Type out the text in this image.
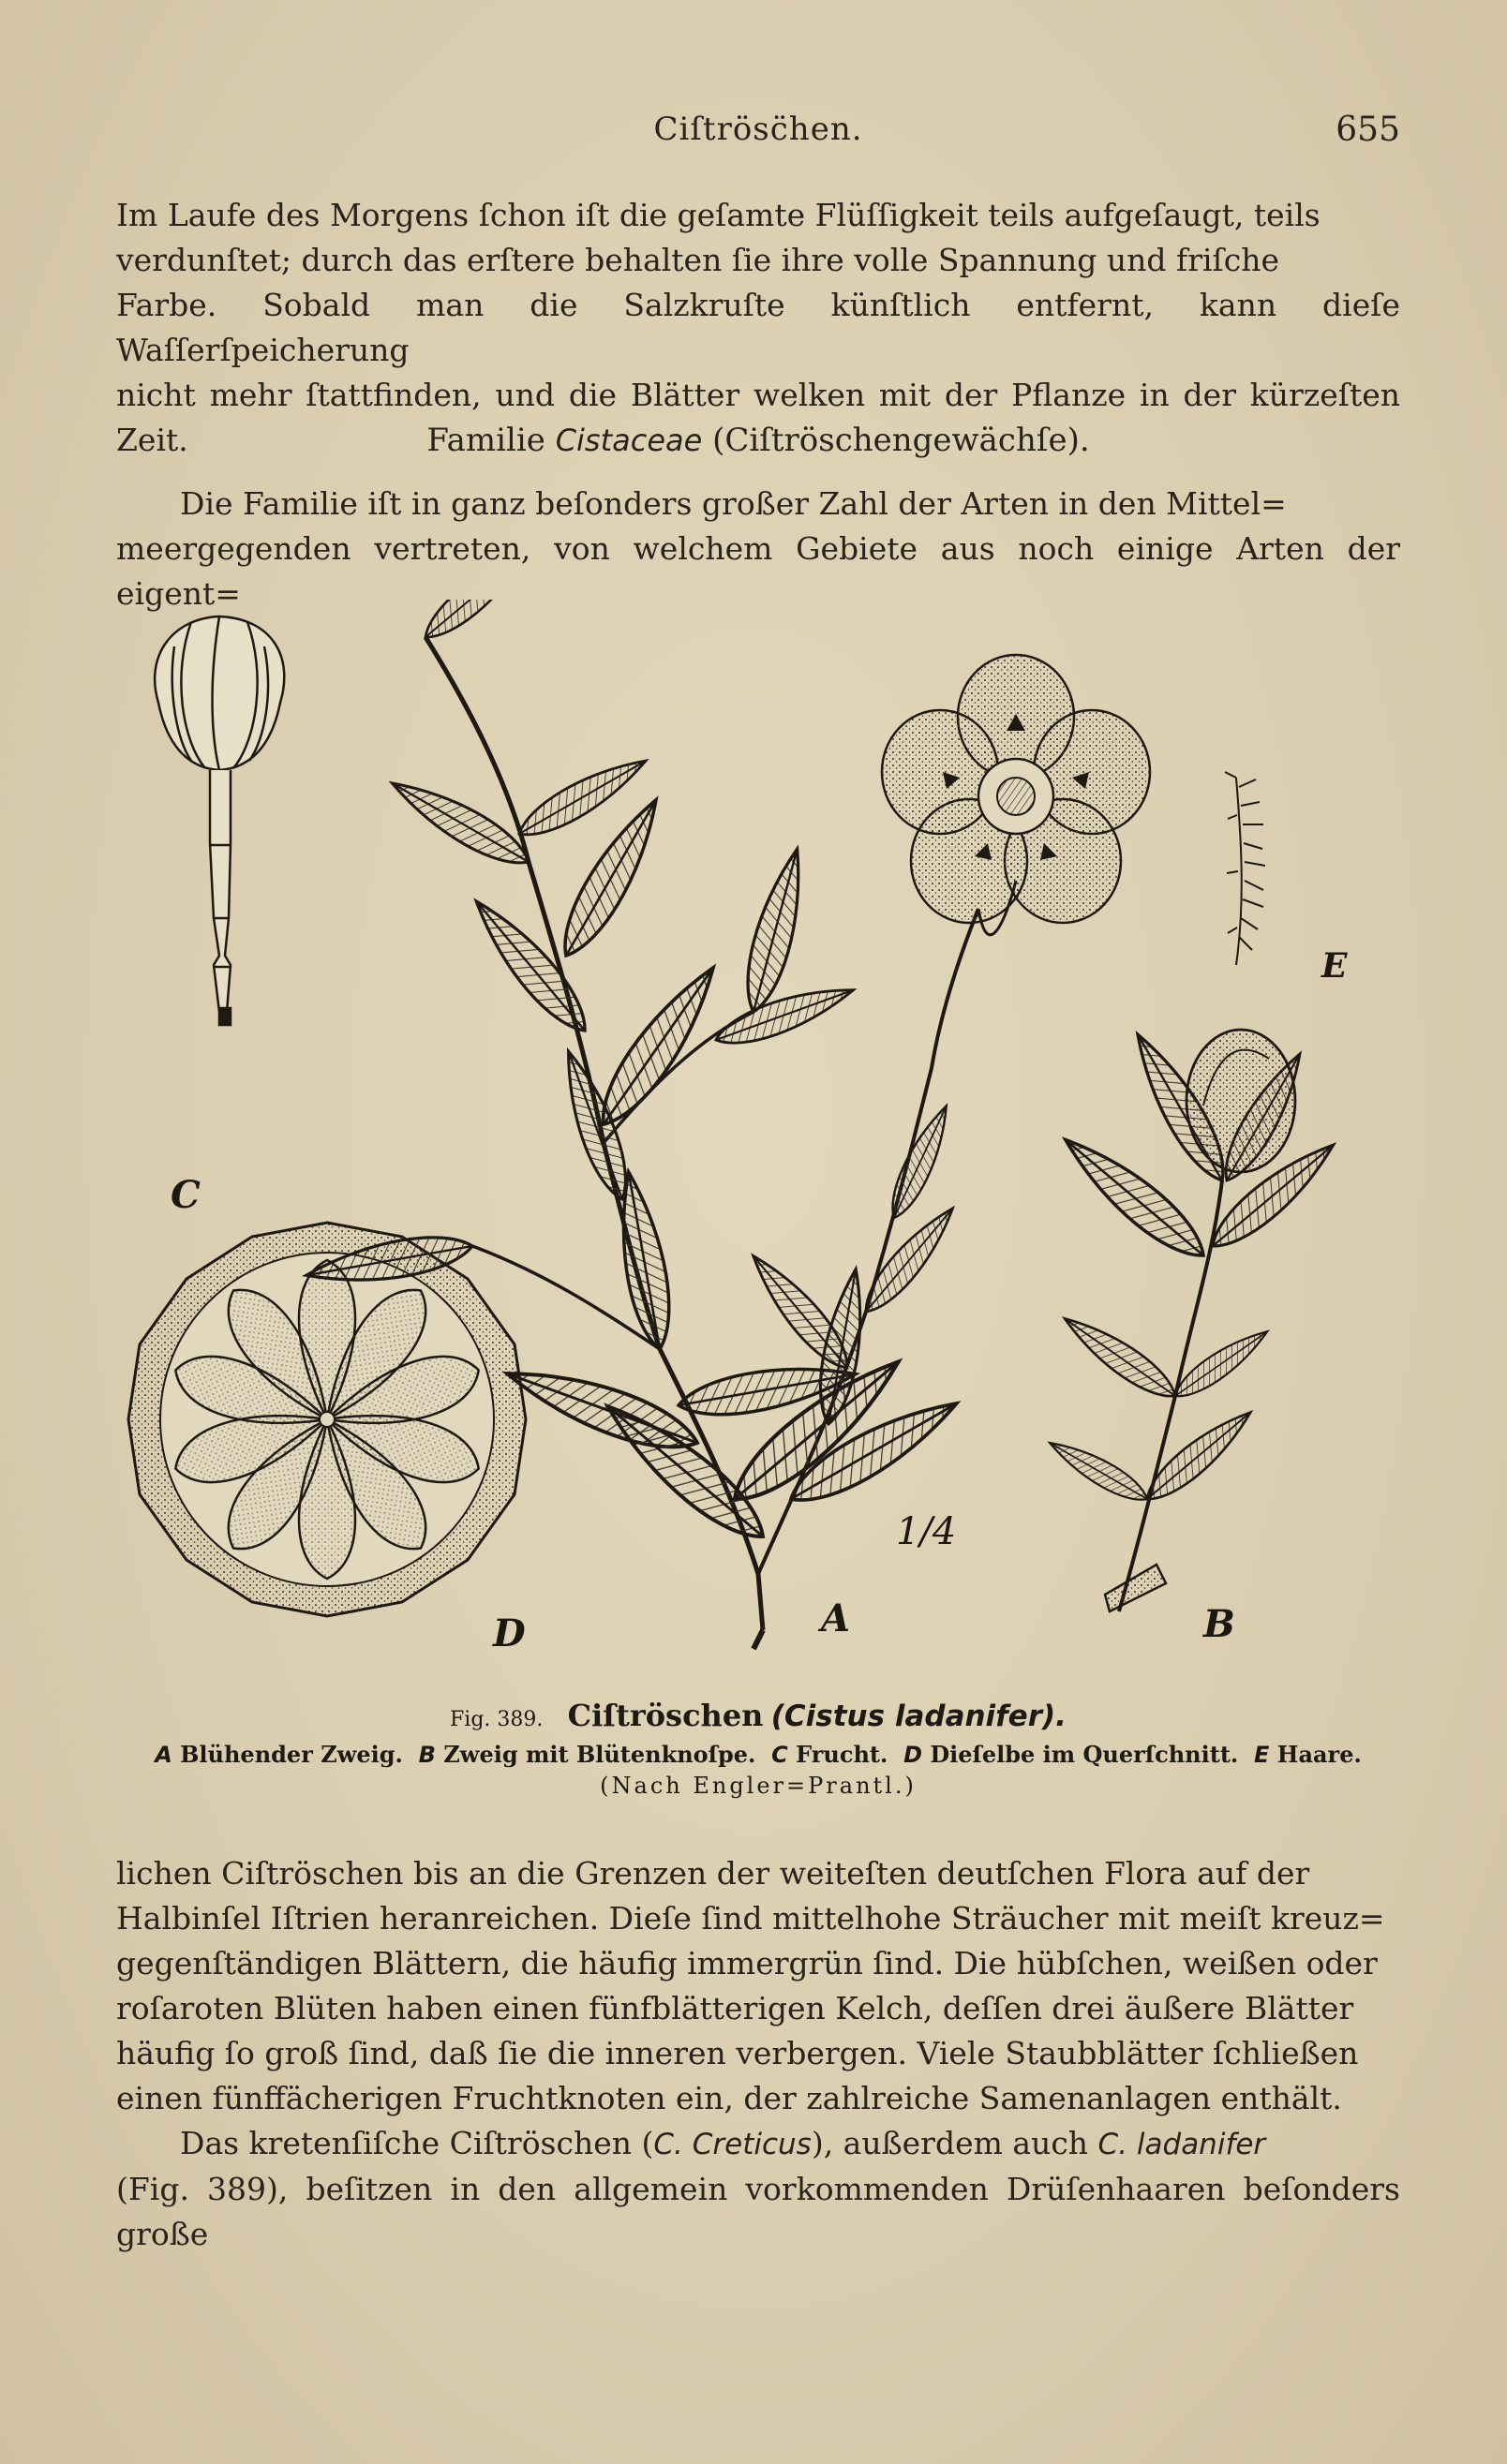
Ciſtrösc̈hen.	655

Im Laufe des Morgens ſchon iſt die geſamte Flüſſigkeit teils aufgeſaugt, teils

verdunſtet; durch das erſtere behalten ſie ihre volle Spannung und friſche

Farbe. Sobald man die Salzkruſte künſtlich entfernt, kann dieſe Waſſerſpeicherung

nicht mehr ſtattfinden, und die Blätter welken mit der Pflanze in der kürzeſten Zeit.	Familie Cistaceae (Ciſtröschengewächſe).

Die Familie iſt in ganz beſonders großer Zahl der Arten in den Mittel=

meergegenden vertreten, von welchem Gebiete aus noch einige Arten der eigent=

C
D	A
1/4
B
E
Fig. 389. Ciſtröschen (Cistus ladanifer).
A Blühender Zweig. B Zweig mit Blütenknoſpe. C Frucht. D Dieſelbe im Querſchnitt. E Haare.
(Nach Engler=Prantl.)

lichen Ciſtröschen bis an die Grenzen der weiteſten deutſchen Flora auf der

Halbinſel Iſtrien heranreichen. Dieſe ſind mittelhohe Sträucher mit meiſt kreuz=

gegenſtändigen Blättern, die häufig immergrün ſind. Die hübſchen, weißen oder

roſaroten Blüten haben einen fünfblätterigen Kelch, deſſen drei äußere Blätter

häufig ſo groß ſind, daß ſie die inneren verbergen. Viele Staubblätter ſchließen

einen fünffächerigen Fruchtknoten ein, der zahlreiche Samenanlagen enthält.

Das kretenſiſche Ciſtröschen (C. Creticus), außerdem auch C. ladanifer

(Fig. 389), beſitzen in den allgemein vorkommenden Drüſenhaaren beſonders große
